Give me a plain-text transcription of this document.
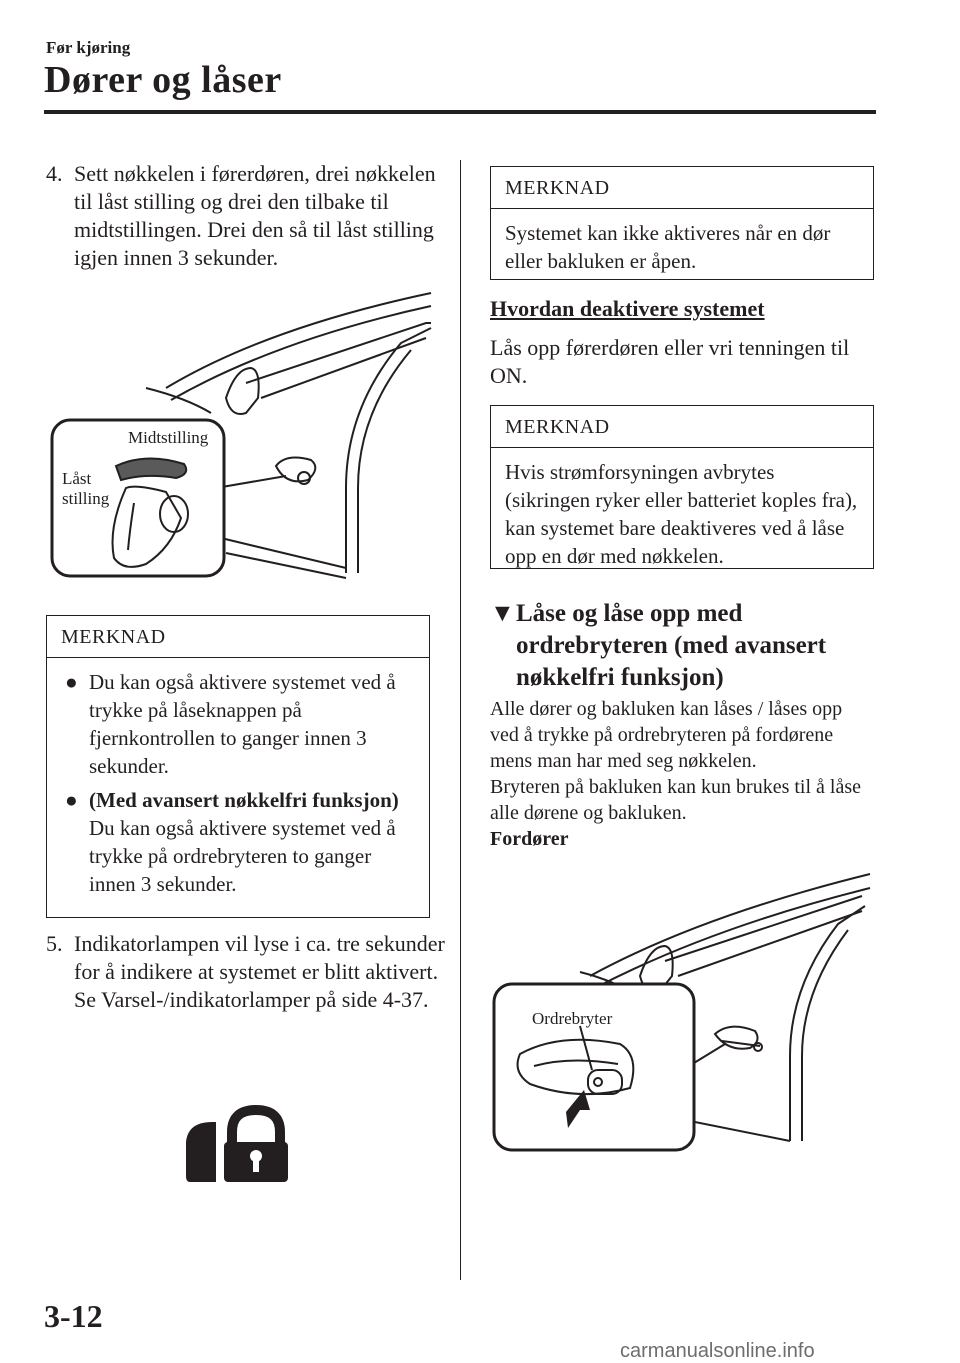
Før kjøring
Dører og låser
4. Sett nøkkelen i førerdøren, drei nøkkelen til låst stilling og drei den tilbake til midtstillingen. Drei den så til låst stilling igjen innen 3 sekunder.
Midtstilling
Låst
stilling
MERKNAD
● Du kan også aktivere systemet ved å trykke på låseknappen på fjernkontrollen to ganger innen 3 sekunder.
● (Med avansert nøkkelfri funksjon)
Du kan også aktivere systemet ved å trykke på ordrebryteren to ganger innen 3 sekunder.
5. Indikatorlampen vil lyse i ca. tre sekunder for å indikere at systemet er blitt aktivert.
Se Varsel-/indikatorlamper på side 4-37.
MERKNAD
Systemet kan ikke aktiveres når en dør eller bakluken er åpen.
Hvordan deaktivere systemet
Lås opp førerdøren eller vri tenningen til ON.
MERKNAD
Hvis strømforsyningen avbrytes (sikringen ryker eller batteriet koples fra), kan systemet bare deaktiveres ved å låse opp en dør med nøkkelen.
▼ Låse og låse opp med ordrebryteren (med avansert nøkkelfri funksjon)
Alle dører og bakluken kan låses / låses opp ved å trykke på ordrebryteren på fordørene mens man har med seg nøkkelen.
Bryteren på bakluken kan kun brukes til å låse alle dørene og bakluken.
Fordører
Ordrebryter
3-12
carmanualsonline.info
